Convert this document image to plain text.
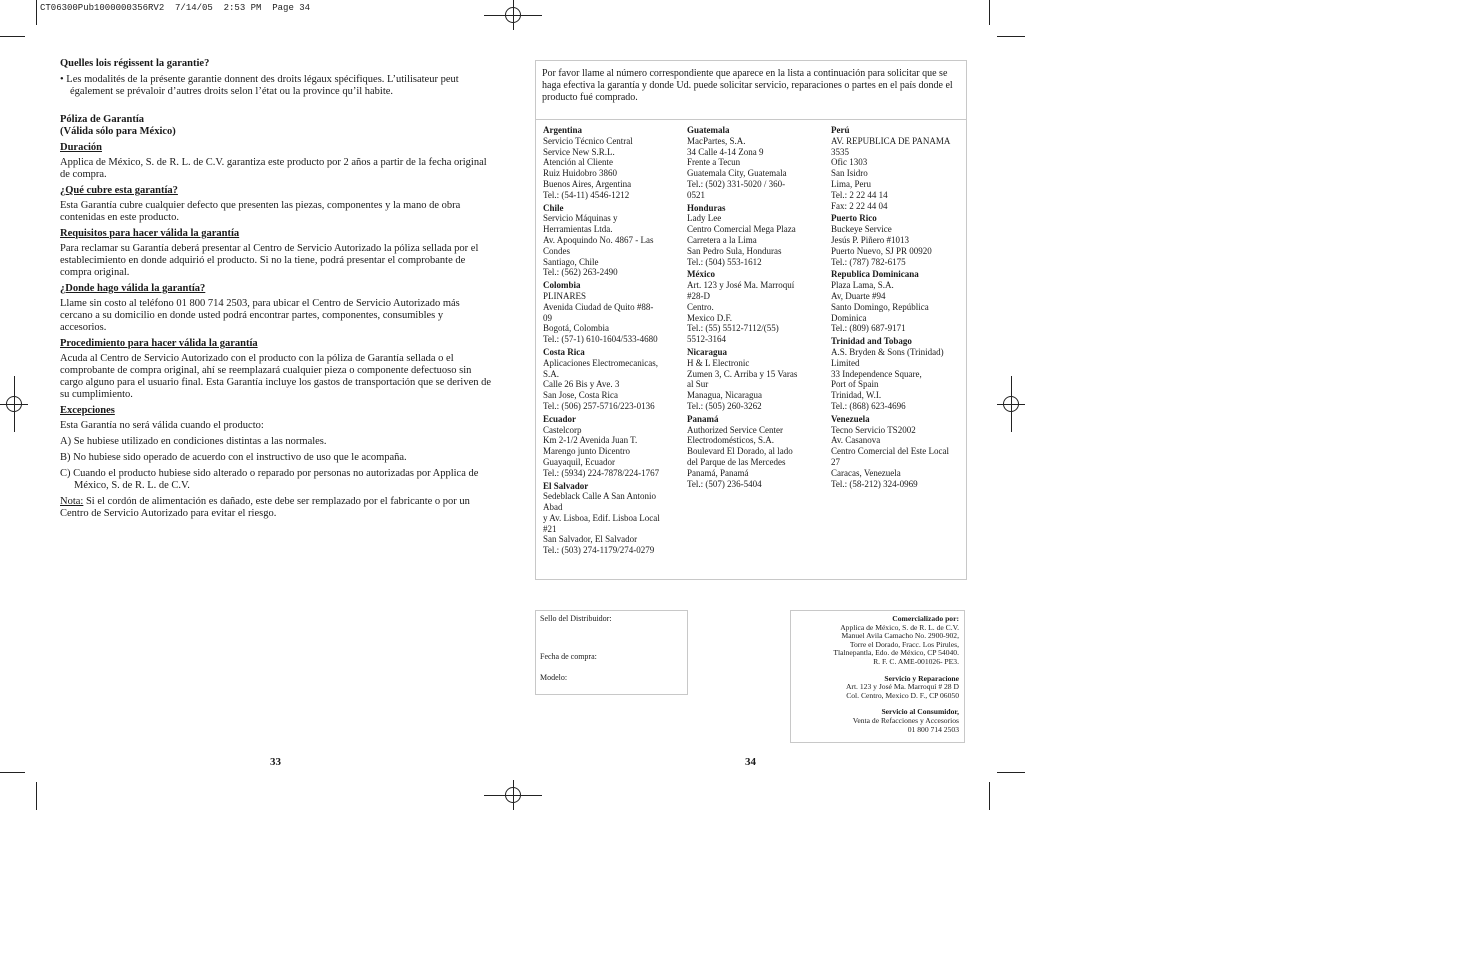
CT06300Pub1000000356RV2  7/14/05  2:53 PM  Page 34

Quelles lois régissent la garantie?

• Les modalités de la présente garantie donnent des droits légaux spécifiques. L’utilisateur peut également se prévaloir d’autres droits selon l’état ou la province qu’il habite.

Póliza de Garantía

(Válida sólo para México)

Duración

Applica de México, S. de R. L. de C.V. garantiza este producto por 2 años a partir de la fecha original de compra.

¿Qué cubre esta garantía?

Esta Garantía cubre cualquier defecto que presenten las piezas, componentes y la mano de obra contenidas en este producto.

Requisitos para hacer válida la garantía

Para reclamar su Garantía deberá presentar al Centro de Servicio Autorizado la póliza sellada por el establecimiento en donde adquirió el producto. Si no la tiene, podrá presentar el comprobante de compra original.

¿Donde hago válida la garantía?

Llame sin costo al teléfono 01 800 714 2503, para ubicar el Centro de Servicio Autorizado más cercano a su domicilio en donde usted podrá encontrar partes, componentes, consumibles y accesorios.

Procedimiento para hacer válida la garantía

Acuda al Centro de Servicio Autorizado con el producto con la póliza de Garantía sellada o el comprobante de compra original, ahí se reemplazará cualquier pieza o componente defectuoso sin cargo alguno para el usuario final. Esta Garantía incluye los gastos de transportación que se deriven de su cumplimiento.

Excepciones

Esta Garantía no será válida cuando el producto:

A) Se hubiese utilizado en condiciones distintas a las normales.

B) No hubiese sido operado de acuerdo con el instructivo de uso que le acompaña.

C) Cuando el producto hubiese sido alterado o reparado por personas no autorizadas por Applica de México, S. de R. L. de C.V.

Nota: Si el cordón de alimentación es dañado, este debe ser remplazado por el fabricante o por un Centro de Servicio Autorizado para evitar el riesgo.

Por favor llame al número correspondiente que aparece en la lista a continuación para solicitar que se haga efectiva la garantía y donde Ud. puede solicitar servicio, reparaciones o partes en el país donde el producto fué comprado.
Argentina
Servicio Técnico Central
Service New S.R.L.
Atención al Cliente
Ruiz Huidobro 3860
Buenos Aires, Argentina
Tel.: (54-11) 4546-1212
Chile
Servicio Máquinas y
Herramientas Ltda.
Av. Apoquindo No. 4867 - Las
Condes
Santiago, Chile
Tel.: (562) 263-2490
Colombia
PLINARES
Avenida Ciudad de Quito #88-
09
Bogotá, Colombia
Tel.: (57-1) 610-1604/533-4680
Costa Rica
Aplicaciones Electromecanicas,
S.A.
Calle 26 Bis y Ave. 3
San Jose, Costa Rica
Tel.: (506) 257-5716/223-0136
Ecuador
Castelcorp
Km 2-1/2 Avenida Juan T.
Marengo junto Dicentro
Guayaquil, Ecuador
Tel.: (5934) 224-7878/224-1767
El Salvador
Sedeblack Calle A San Antonio
Abad
y Av. Lisboa, Edif. Lisboa Local
#21
San Salvador, El Salvador
Tel.: (503) 274-1179/274-0279
Guatemala
MacPartes, S.A.
34 Calle 4-14 Zona 9
Frente a Tecun
Guatemala City, Guatemala
Tel.: (502) 331-5020 / 360-
0521
Honduras
Lady Lee
Centro Comercial Mega Plaza
Carretera a la Lima
San Pedro Sula, Honduras
Tel.: (504) 553-1612
México
Art. 123 y José Ma. Marroquí
#28-D
Centro.
Mexico D.F.
Tel.: (55) 5512-7112/(55)
5512-3164
Nicaragua
H & L Electronic
Zumen 3, C. Arriba y 15 Varas
al Sur
Managua, Nicaragua
Tel.: (505) 260-3262
Panamá
Authorized Service Center
Electrodomésticos, S.A.
Boulevard El Dorado, al lado
del Parque de las Mercedes
Panamá, Panamá
Tel.: (507) 236-5404
Perú
AV. REPUBLICA DE PANAMA
3535
Ofic 1303
San Isidro
Lima, Peru
Tel.: 2 22 44 14
Fax: 2 22 44 04
Puerto Rico
Buckeye Service
Jesús P. Piñero #1013
Puerto Nuevo, SJ PR 00920
Tel.: (787) 782-6175
Republica Dominicana
Plaza Lama, S.A.
Av, Duarte #94
Santo Domingo, República
Dominica
Tel.: (809) 687-9171
Trinidad and Tobago
A.S. Bryden & Sons (Trinidad)
Limited
33 Independence Square,
Port of Spain
Trinidad, W.I.
Tel.: (868) 623-4696
Venezuela
Tecno Servicio TS2002
Av. Casanova
Centro Comercial del Este Local
27
Caracas, Venezuela
Tel.: (58-212) 324-0969
Sello del Distribuidor:
Fecha de compra:
Modelo:
Comercializado por:
Applica de México, S. de R. L. de C.V.
Manuel Avila Camacho No. 2900-902,
Torre el Dorado, Fracc. Los Pirules,
Tlalnepantla, Edo. de México, CP 54040.
R. F. C. AME-001026- PE3.
Servicio y Reparacione
Art. 123 y José Ma. Marroquí # 28 D
Col. Centro, Mexico D. F., CP 06050
Servicio al Consumidor,
Venta de Refacciones y Accesorios
01 800 714 2503
33	34
